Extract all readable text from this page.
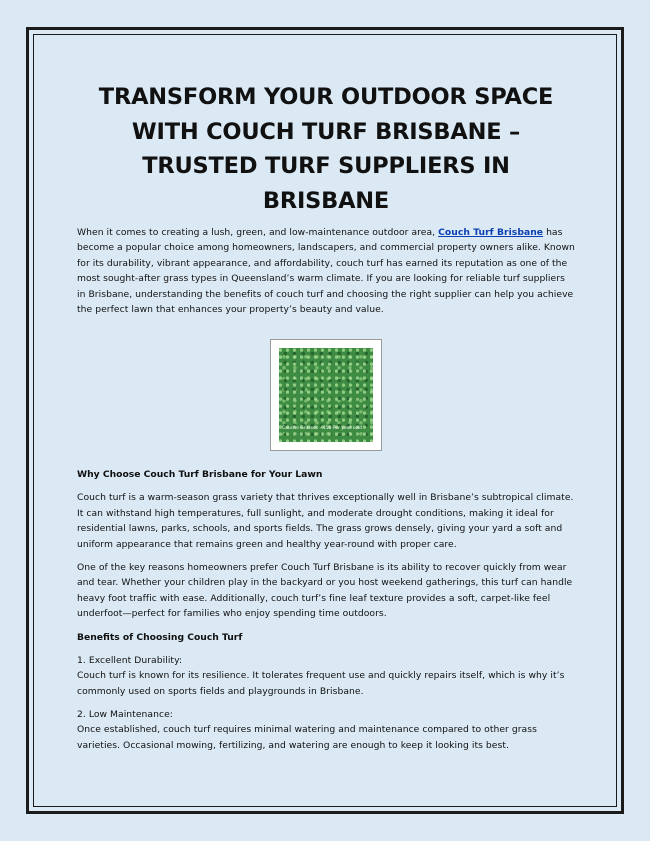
TRANSFORM YOUR OUTDOOR SPACE WITH COUCH TURF BRISBANE – TRUSTED TURF SUPPLIERS IN BRISBANE

When it comes to creating a lush, green, and low-maintenance outdoor area, Couch Turf Brisbane has become a popular choice among homeowners, landscapers, and commercial property owners alike. Known for its durability, vibrant appearance, and affordability, couch turf has earned its reputation as one of the most sought-after grass types in Queensland’s warm climate. If you are looking for reliable turf suppliers in Brisbane, understanding the benefits of couch turf and choosing the right supplier can help you achieve the perfect lawn that enhances your property’s beauty and value.

Couche Grasses - 456 Per year sold

Why Choose Couch Turf Brisbane for Your Lawn

Couch turf is a warm-season grass variety that thrives exceptionally well in Brisbane’s subtropical climate. It can withstand high temperatures, full sunlight, and moderate drought conditions, making it ideal for residential lawns, parks, schools, and sports fields. The grass grows densely, giving your yard a soft and uniform appearance that remains green and healthy year-round with proper care.

One of the key reasons homeowners prefer Couch Turf Brisbane is its ability to recover quickly from wear and tear. Whether your children play in the backyard or you host weekend gatherings, this turf can handle heavy foot traffic with ease. Additionally, couch turf’s fine leaf texture provides a soft, carpet-like feel underfoot—perfect for families who enjoy spending time outdoors.

Benefits of Choosing Couch Turf

1. Excellent Durability:

Couch turf is known for its resilience. It tolerates frequent use and quickly repairs itself, which is why it’s commonly used on sports fields and playgrounds in Brisbane.

2. Low Maintenance:

Once established, couch turf requires minimal watering and maintenance compared to other grass varieties. Occasional mowing, fertilizing, and watering are enough to keep it looking its best.
